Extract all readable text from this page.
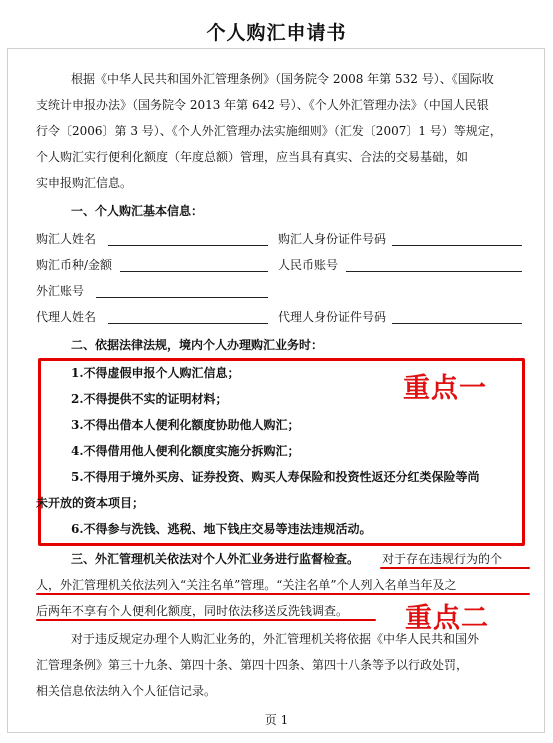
个人购汇申请书
根据《中华人民共和国外汇管理条例》（国务院令 2008 年第 532 号）、《国际收
支统计申报办法》（国务院令 2013 年第 642 号）、《个人外汇管理办法》（中国人民银
行令〔2006〕第 3 号）、《个人外汇管理办法实施细则》（汇发〔2007〕1 号）等规定，
个人购汇实行便利化额度（年度总额）管理，应当具有真实、合法的交易基础，如
实申报购汇信息。
一、个人购汇基本信息：
购汇人姓名	购汇人身份证件号码
购汇币种/金额	人民币账号
外汇账号
代理人姓名	代理人身份证件号码
二、依据法律法规，境内个人办理购汇业务时：
重点一
1.不得虚假申报个人购汇信息；
2.不得提供不实的证明材料；
3.不得出借本人便利化额度协助他人购汇；
4.不得借用他人便利化额度实施分拆购汇；
5.不得用于境外买房、证券投资、购买人寿保险和投资性返还分红类保险等尚
未开放的资本项目；
6.不得参与洗钱、逃税、地下钱庄交易等违法违规活动。
三、外汇管理机关依法对个人外汇业务进行监督检查。 对于存在违规行为的个
人，外汇管理机关依法列入“关注名单”管理。“关注名单”个人列入名单当年及之
后两年不享有个人便利化额度，同时依法移送反洗钱调查。 重点二
对于违反规定办理个人购汇业务的，外汇管理机关将依据《中华人民共和国外
汇管理条例》第三十九条、第四十条、第四十四条、第四十八条等予以行政处罚，
相关信息依法纳入个人征信记录。
页 1
